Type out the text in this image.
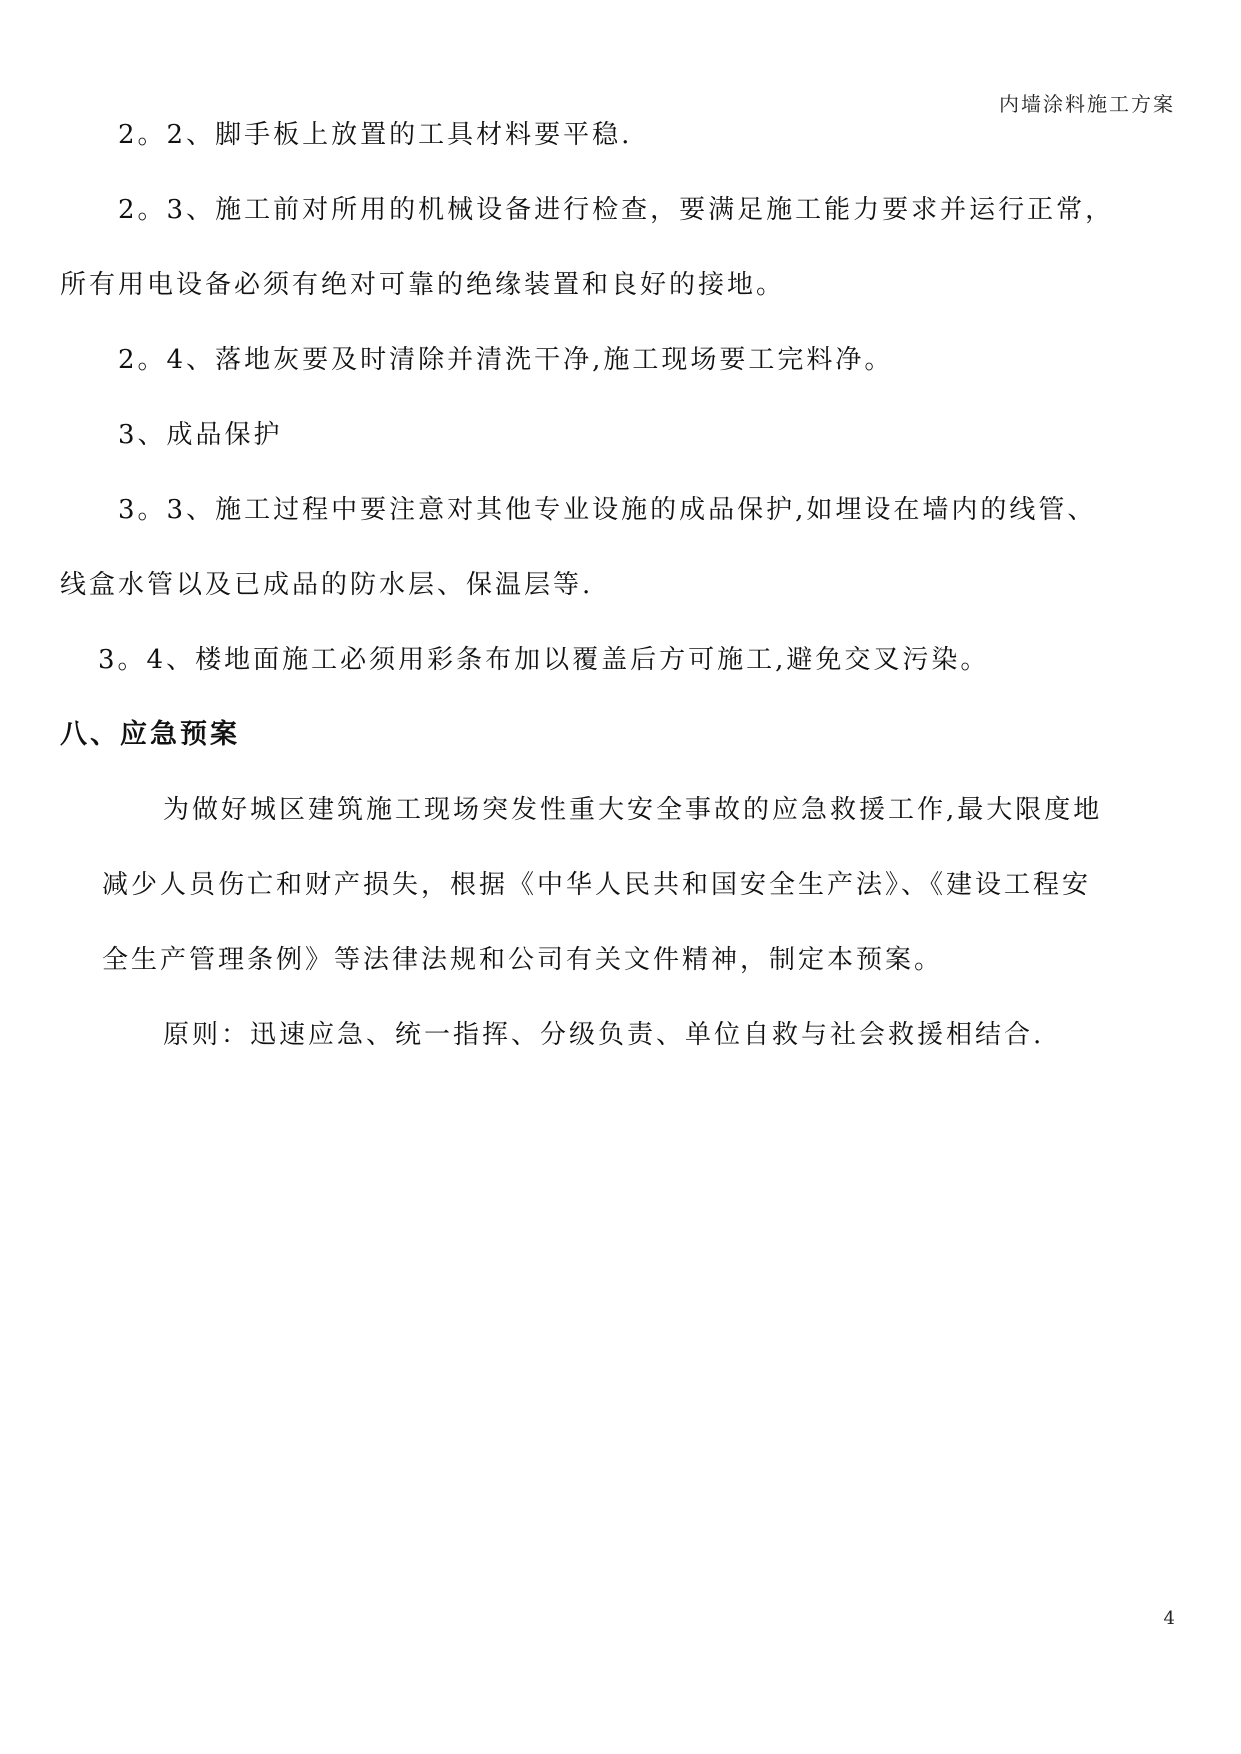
内墙涂料施工方案
2。2、脚手板上放置的工具材料要平稳.
2。3、施工前对所用的机械设备进行检查，要满足施工能力要求并运行正常，
所有用电设备必须有绝对可靠的绝缘装置和良好的接地。
2。4、落地灰要及时清除并清洗干净,施工现场要工完料净。
3、成品保护
3。3、施工过程中要注意对其他专业设施的成品保护,如埋设在墙内的线管、
线盒水管以及已成品的防水层、保温层等.
3。4、楼地面施工必须用彩条布加以覆盖后方可施工,避免交叉污染。
八、应急预案
为做好城区建筑施工现场突发性重大安全事故的应急救援工作,最大限度地
减少人员伤亡和财产损失，根据《中华人民共和国安全生产法》、《建设工程安
全生产管理条例》等法律法规和公司有关文件精神，制定本预案。
原则：迅速应急、统一指挥、分级负责、单位自救与社会救援相结合.
4
